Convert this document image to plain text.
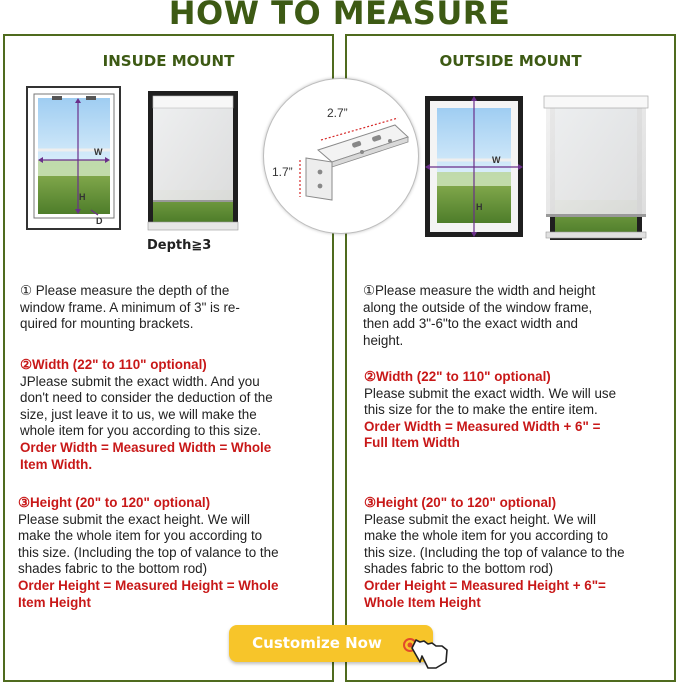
HOW TO MEASURE
INSUDE MOUNT	OUTSIDE MOUNT
W
H
D
W
H
Depth≧3
2.7”
1.7”
① Please measure the depth of the
window frame. A minimum of 3" is re-
quired for mounting brackets.
②Width (22" to 110" optional)
JPlease submit the exact width. And you
don't need to consider the deduction of the
size, just leave it to us, we will make the
whole item for you according to this size.
Order Width = Measured Width = Whole
Item Width.
③Height (20" to 120" optional)
Please submit the exact height. We will
make the whole item for you according to
this size. (Including the top of valance to the
shades fabric to the bottom rod)
Order Height = Measured Height = Whole
Item Height
①Please measure the width and height
along the outside of the window frame,
then add 3"-6"to the exact width and
height.
②Width (22" to 110" optional)
Please submit the exact width. We will use
this size for the to make the entire item.
Order Width = Measured Width + 6" =
Full Item Width
③Height (20" to 120" optional)
Please submit the exact height. We will
make the whole item for you according to
this size. (Including the top of valance to the
shades fabric to the bottom rod)
Order Height = Measured Height + 6"=
Whole Item Height
Customize Now
